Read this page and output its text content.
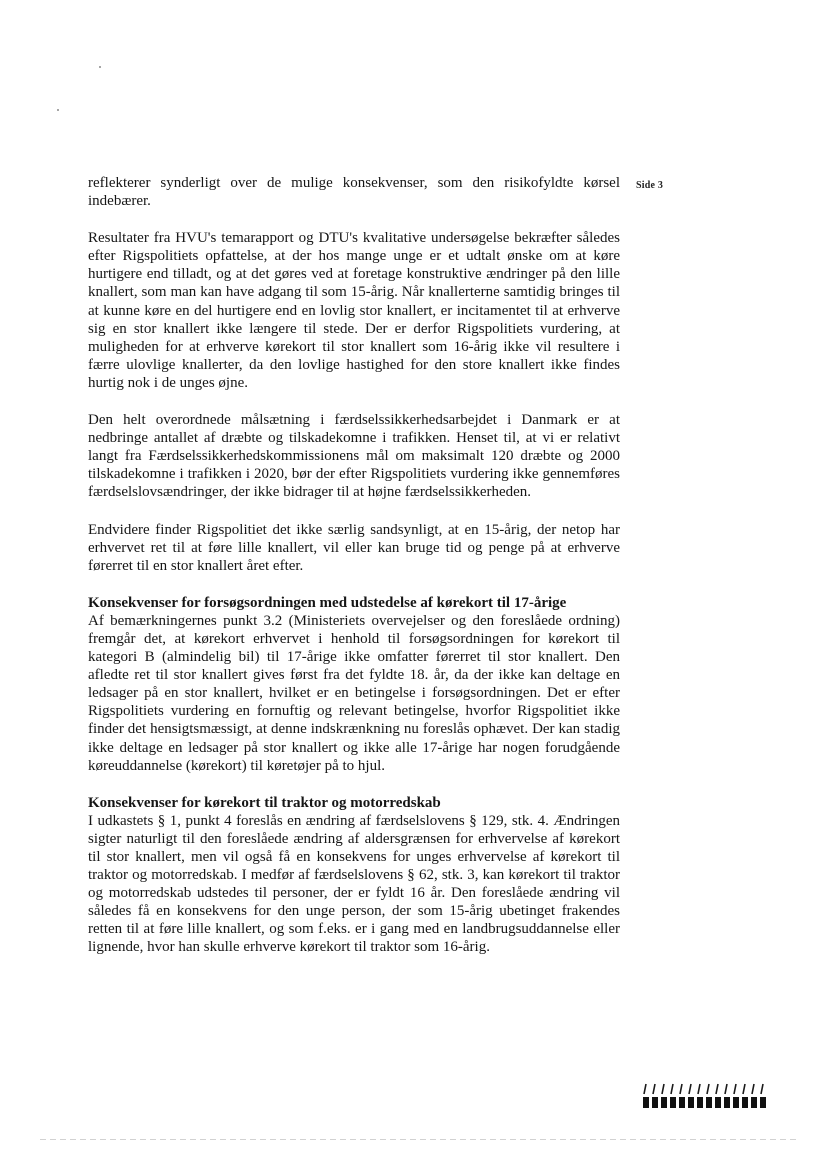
Side 3

reflekterer synderligt over de mulige konsekvenser, som den risikofyldte kørsel indebærer.

Resultater fra HVU's temarapport og DTU's kvalitative undersøgelse bekræfter således efter Rigspolitiets opfattelse, at der hos mange unge er et udtalt ønske om at køre hurtigere end tilladt, og at det gøres ved at foretage konstruktive ændringer på den lille knallert, som man kan have adgang til som 15-årig. Når knallerterne samtidig bringes til at kunne køre en del hurtigere end en lovlig stor knallert, er incitamentet til at erhverve sig en stor knallert ikke længere til stede. Der er derfor Rigspolitiets vurdering, at muligheden for at erhverve kørekort til stor knallert som 16-årig ikke vil resultere i færre ulovlige knallerter, da den lovlige hastighed for den store knallert ikke findes hurtig nok i de unges øjne.

Den helt overordnede målsætning i færdselssikkerhedsarbejdet i Danmark er at nedbringe antallet af dræbte og tilskadekomne i trafikken. Henset til, at vi er relativt langt fra Færdselssikkerhedskommissionens mål om maksimalt 120 dræbte og 2000 tilskadekomne i trafikken i 2020, bør der efter Rigspolitiets vurdering ikke gennemføres færdselslovsændringer, der ikke bidrager til at højne færdselssikkerheden.

Endvidere finder Rigspolitiet det ikke særlig sandsynligt, at en 15-årig, der netop har erhvervet ret til at føre lille knallert, vil eller kan bruge tid og penge på at erhverve førerret til en stor knallert året efter.

Konsekvenser for forsøgsordningen med udstedelse af kørekort til 17-årige

Af bemærkningernes punkt 3.2 (Ministeriets overvejelser og den foreslåede ordning) fremgår det, at kørekort erhvervet i henhold til forsøgsordningen for kørekort til kategori B (almindelig bil) til 17-årige ikke omfatter førerret til stor knallert. Den afledte ret til stor knallert gives først fra det fyldte 18. år, da der ikke kan deltage en ledsager på en stor knallert, hvilket er en betingelse i forsøgsordningen. Det er efter Rigspolitiets vurdering en fornuftig og relevant betingelse, hvorfor Rigspolitiet ikke finder det hensigtsmæssigt, at denne indskrænkning nu foreslås ophævet. Der kan stadig ikke deltage en ledsager på stor knallert og ikke alle 17-årige har nogen forudgående køreuddannelse (kørekort) til køretøjer på to hjul.

Konsekvenser for kørekort til traktor og motorredskab

I udkastets § 1, punkt 4 foreslås en ændring af færdselslovens § 129, stk. 4. Ændringen sigter naturligt til den foreslåede ændring af aldersgrænsen for erhvervelse af kørekort til stor knallert, men vil også få en konsekvens for unges erhvervelse af kørekort til traktor og motorredskab. I medfør af færdselslovens § 62, stk. 3, kan kørekort til traktor og motorredskab udstedes til personer, der er fyldt 16 år. Den foreslåede ændring vil således få en konsekvens for den unge person, der som 15-årig ubetinget frakendes retten til at føre lille knallert, og som f.eks. er i gang med en landbrugsuddannelse eller lignende, hvor han skulle erhverve kørekort til traktor som 16-årig.
